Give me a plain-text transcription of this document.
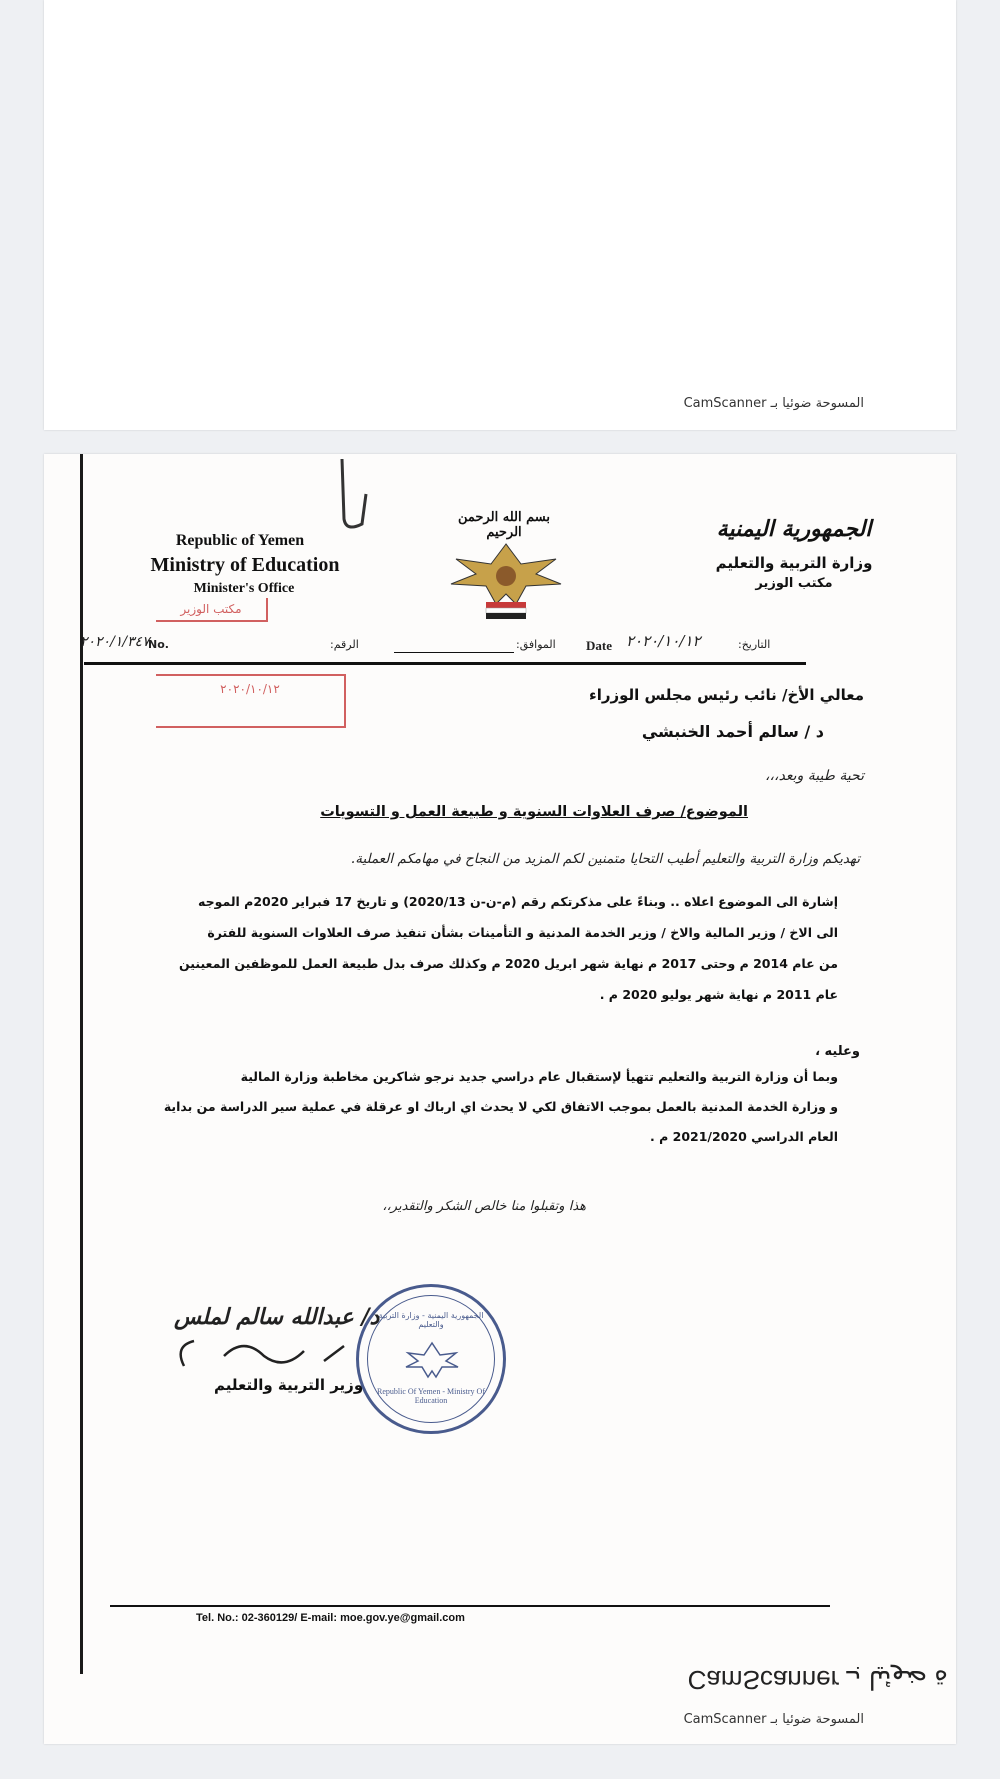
المسوحة ضوئيا بـ CamScanner
Republic of Yemen
Ministry of Education
Minister's Office
بسم الله الرحمن الرحيم	الجمهورية اليمنية
وزارة التربية والتعليم
مكتب الوزير
No.
٢٠٢٠/١/٣٤٧	الرقم:	الموافق: Date ٢٠٢٠/١٠/١٢	التاريخ:
مكتب الوزير
٢٠٢٠/١٠/١٢	معالي الأخ/ نائب رئيس مجلس الوزراء
د / سالم أحمد الخنبشي
تحية طيبة وبعد،،،
الموضوع/ صرف العلاوات السنوية و طبيعة العمل و التسويات
تهديكم وزارة التربية والتعليم أطيب التحايا متمنين لكم المزيد من النجاح في مهامكم العملية.
إشارة الى الموضوع اعلاه .. وبناءً على مذكرتكم رقم (م-ن-ن 2020/13) و تاريخ 17 فبراير 2020م الموجه
الى الاخ / وزير المالية والاخ / وزير الخدمة المدنية و التأمينات بشأن تنفيذ صرف العلاوات السنوية للفترة
من عام 2014 م وحتى 2017 م نهاية شهر ابريل 2020 م وكذلك صرف بدل طبيعة العمل للموظفين المعينين
عام 2011 م نهاية شهر يوليو 2020 م .
وعليه ،
وبما أن وزارة التربية والتعليم تتهيأ لإستقبال عام دراسي جديد نرجو شاكرين مخاطبة وزارة المالية
و وزارة الخدمة المدنية بالعمل بموجب الاتفاق لكي لا يحدث اي ارباك او عرقلة في عملية سير الدراسة من بداية
العام الدراسي 2021/2020 م .
هذا وتقبلوا منا خالص الشكر والتقدير،،
د/ عبدالله سالم لملس
وزير التربية والتعليم
الجمهورية اليمنية - وزارة التربية والتعليم
Republic Of Yemen - Ministry Of Education
Tel. No.: 02-360129/ E-mail: moe.gov.ye@gmail.com
ة ضوئيا بـ CamScanner
المسوحة ضوئيا بـ CamScanner
